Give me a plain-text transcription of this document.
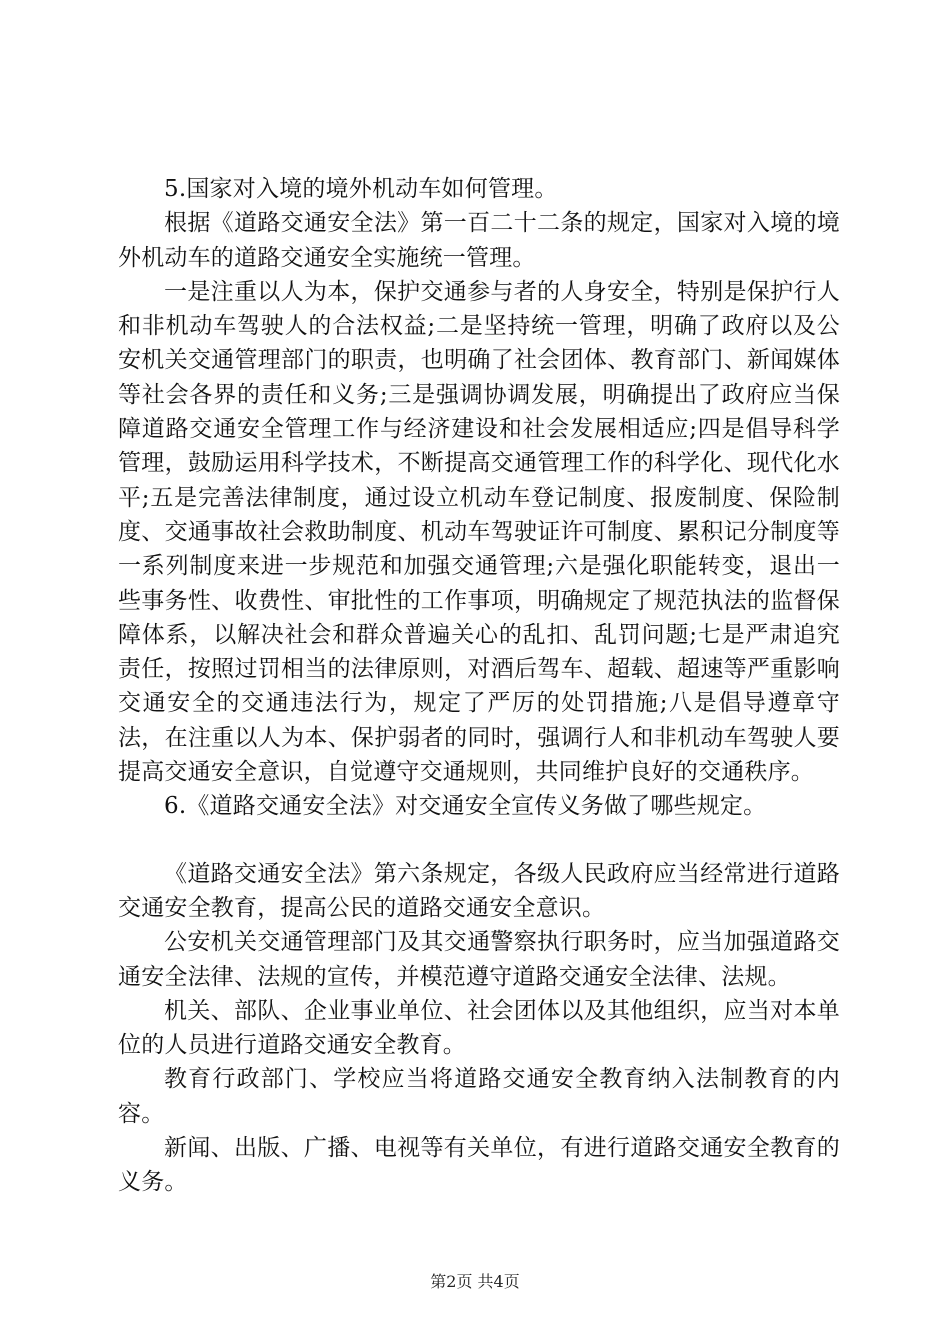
5.国家对入境的境外机动车如何管理。

根据《道路交通安全法》第一百二十二条的规定，国家对入境的境外机动车的道路交通安全实施统一管理。

一是注重以人为本，保护交通参与者的人身安全，特别是保护行人和非机动车驾驶人的合法权益;二是坚持统一管理，明确了政府以及公安机关交通管理部门的职责，也明确了社会团体、教育部门、新闻媒体等社会各界的责任和义务;三是强调协调发展，明确提出了政府应当保障道路交通安全管理工作与经济建设和社会发展相适应;四是倡导科学管理，鼓励运用科学技术，不断提高交通管理工作的科学化、现代化水平;五是完善法律制度，通过设立机动车登记制度、报废制度、保险制度、交通事故社会救助制度、机动车驾驶证许可制度、累积记分制度等一系列制度来进一步规范和加强交通管理;六是强化职能转变，退出一些事务性、收费性、审批性的工作事项，明确规定了规范执法的监督保障体系，以解决社会和群众普遍关心的乱扣、乱罚问题;七是严肃追究责任，按照过罚相当的法律原则，对酒后驾车、超载、超速等严重影响交通安全的交通违法行为，规定了严厉的处罚措施;八是倡导遵章守法，在注重以人为本、保护弱者的同时，强调行人和非机动车驾驶人要提高交通安全意识，自觉遵守交通规则，共同维护良好的交通秩序。

6.《道路交通安全法》对交通安全宣传义务做了哪些规定。

《道路交通安全法》第六条规定，各级人民政府应当经常进行道路交通安全教育，提高公民的道路交通安全意识。

公安机关交通管理部门及其交通警察执行职务时，应当加强道路交通安全法律、法规的宣传，并模范遵守道路交通安全法律、法规。

机关、部队、企业事业单位、社会团体以及其他组织，应当对本单位的人员进行道路交通安全教育。

教育行政部门、学校应当将道路交通安全教育纳入法制教育的内容。

新闻、出版、广播、电视等有关单位，有进行道路交通安全教育的义务。

第2页 共4页
